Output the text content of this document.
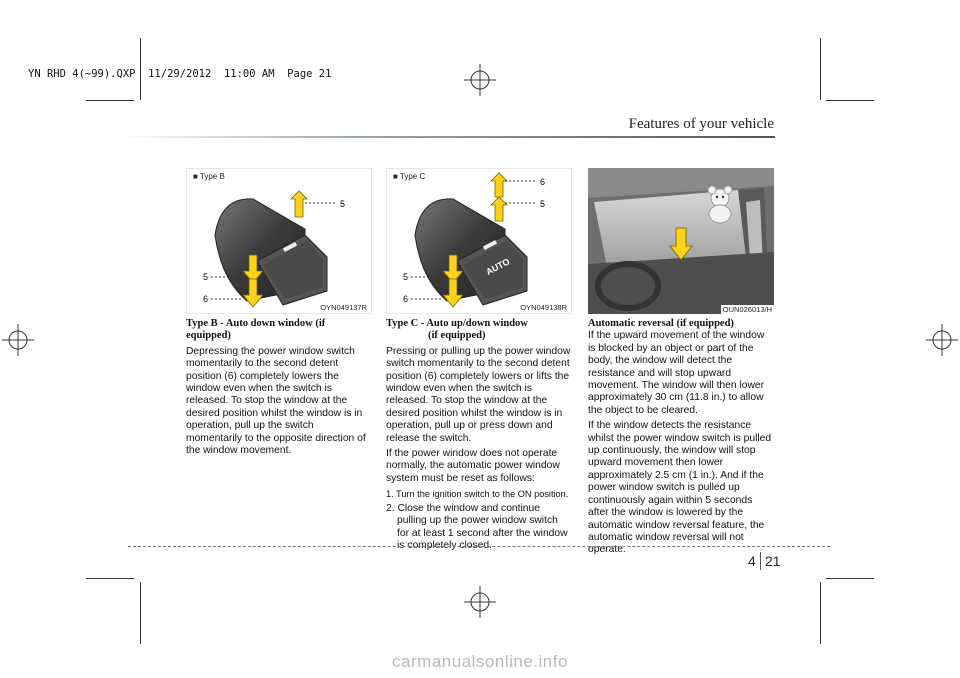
YN RHD 4(~99).QXP  11/29/2012  11:00 AM  Page 21
Features of your vehicle
5
5
6
■ Type B
OYN049137R
AUTO
6
5
5
6
■ Type C
OYN049138R	OUN026013/H

Type B - Auto down window (if equipped)

Depressing the power window switch momentarily to the second detent position (6) completely lowers the window even when the switch is released. To stop the window at the desired position whilst the window is in operation, pull up the switch momentarily to the opposite direction of the window movement.

Type C - Auto up/down window

(if equipped)

Pressing or pulling up the power window switch momentarily to the second detent position (6) completely lowers or lifts the window even when the switch is released. To stop the window at the desired position whilst the window is in operation, pull up or press down and release the switch.

If the power window does not operate normally, the automatic power window system must be reset as follows:

1. Turn the ignition switch to the ON position.
2. Close the window and continue pulling up the power window switch for at least 1 second after the window is completely closed.

Automatic reversal (if equipped)

If the upward movement of the window is blocked by an object or part of the body, the window will detect the resistance and will stop upward movement. The window will then lower approximately 30 cm (11.8 in.) to allow the object to be cleared.

If the window detects the resistance whilst the power window switch is pulled up continuously, the window will stop upward movement then lower approximately 2.5 cm (1 in.). And if the power window switch is pulled up continuously again within 5 seconds after the window is lowered by the automatic window reversal feature, the automatic window reversal will not operate.

4 21
carmanualsonline.info
